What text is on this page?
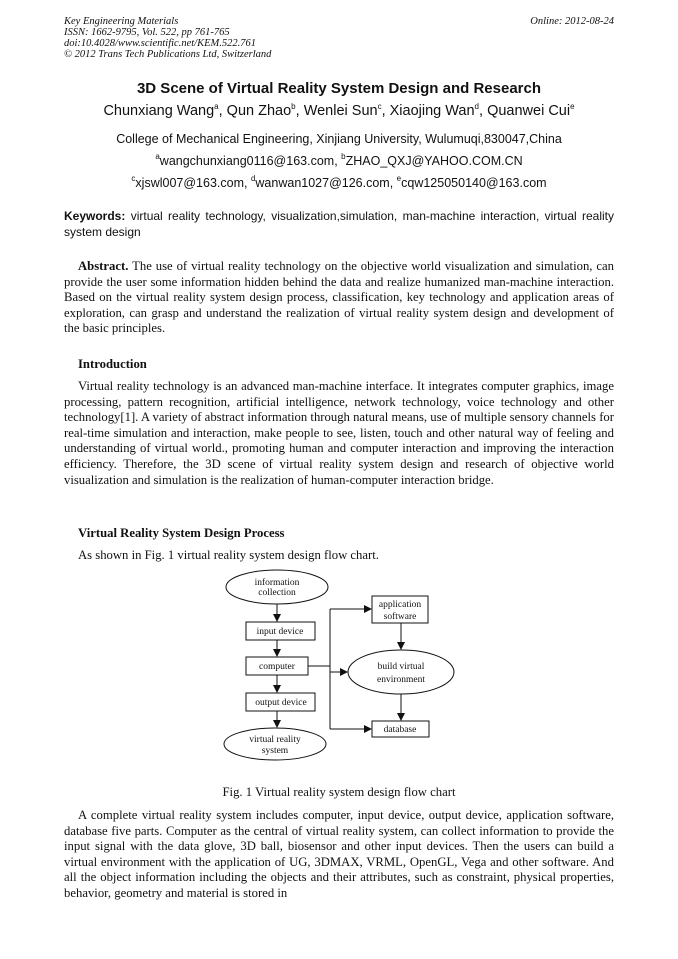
Key Engineering Materials
ISSN: 1662-9795, Vol. 522, pp 761-765
doi:10.4028/www.scientific.net/KEM.522.761
© 2012 Trans Tech Publications Ltd, Switzerland
Online: 2012-08-24
3D Scene of Virtual Reality System Design and Research
Chunxiang Wang$^a$, Qun Zhao$^b$, Wenlei Sun$^c$, Xiaojing Wan$^d$, Quanwei Cui$^e$
College of Mechanical Engineering, Xinjiang University, Wulumuqi,830047,China
$^a$wangchunxiang0116@163.com, $^b$ZHAO_QXJ@YAHOO.COM.CN
$^c$xjswl007@163.com, $^d$wanwan1027@126.com, $^e$cqw125050140@163.com
Keywords: virtual reality technology, visualization,simulation, man-machine interaction, virtual reality system design
Abstract. The use of virtual reality technology on the objective world visualization and simulation, can provide the user some information hidden behind the data and realize humanized man-machine interaction. Based on the virtual reality system design process, classification, key technology and application areas of exploration, can grasp and understand the realization of virtual reality system design and development of the basic principles.
Introduction
Virtual reality technology is an advanced man-machine interface. It integrates computer graphics, image processing, pattern recognition, artificial intelligence, network technology, voice technology and other technology[1]. A variety of abstract information through natural means, use of multiple sensory channels for real-time simulation and interaction, make people to see, listen, touch and other natural way of feeling and understanding of virtual world., promoting human and computer interaction and improving the interaction efficiency. Therefore, the 3D scene of virtual reality system design and research of objective world visualization and simulation is the realization of human-computer interaction bridge.
Virtual Reality System Design Process
As shown in Fig. 1 virtual reality system design flow chart.
information
collection
input device
computer
output device
virtual reality
system
application
software
build virtual
environment
database
Fig. 1 Virtual reality system design flow chart
A complete virtual reality system includes computer, input device, output device, application software, database five parts. Computer as the central of virtual reality system, can collect information to provide the input signal with the data glove, 3D ball, biosensor and other input devices. Then the users can build a virtual environment with the application of UG, 3DMAX, VRML, OpenGL, Vega and other software. And all the object information including the objects and their attributes, such as constraint, physical properties, behavior, geometry and material is stored in
